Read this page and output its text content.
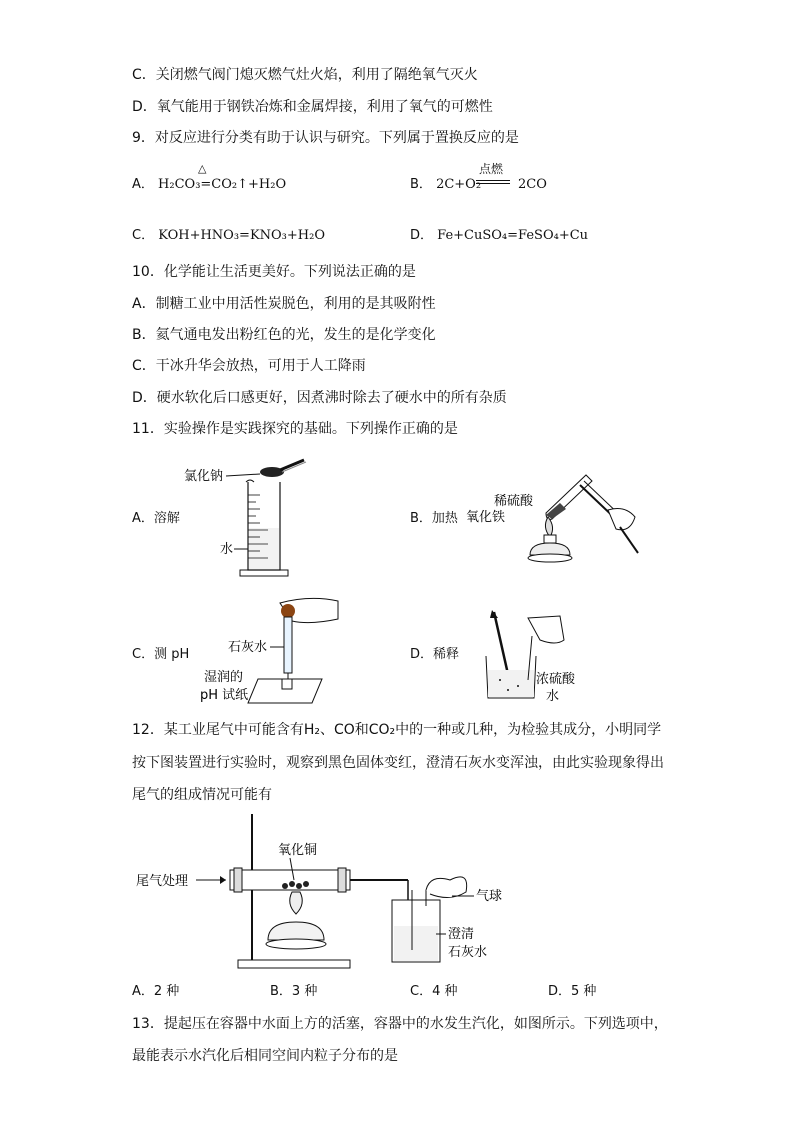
C．关闭燃气阀门熄灭燃气灶火焰，利用了隔绝氧气灭火
D．氧气能用于钢铁冶炼和金属焊接，利用了氧气的可燃性
9．对反应进行分类有助于认识与研究。下列属于置换反应的是
A． H₂CO₃=CO₂↑+H₂O
△
B． 2C+O₂
点燃
2CO
C． KOH+HNO₃=KNO₃+H₂O	D． Fe+CuSO₄=FeSO₄+Cu
10．化学能让生活更美好。下列说法正确的是
A．制糖工业中用活性炭脱色，利用的是其吸附性
B．氦气通电发出粉红色的光，发生的是化学变化
C．干冰升华会放热，可用于人工降雨
D．硬水软化后口感更好，因煮沸时除去了硬水中的所有杂质
11．实验操作是实践探究的基础。下列操作正确的是
A．溶解	B．加热
C．测 pH	D．稀释
氯化钠
水
稀硫酸
氧化铁
石灰水
湿润的
pH 试纸
浓硫酸
水
12．某工业尾气中可能含有H₂、CO和CO₂中的一种或几种，为检验其成分，小明同学
按下图装置进行实验时，观察到黑色固体变红，澄清石灰水变浑浊，由此实验现象得出
尾气的组成情况可能有
尾气处理
氧化铜
气球
澄清
石灰水
A．2 种	B．3 种	C．4 种	D．5 种
13．提起压在容器中水面上方的活塞，容器中的水发生汽化，如图所示。下列选项中，
最能表示水汽化后相同空间内粒子分布的是
